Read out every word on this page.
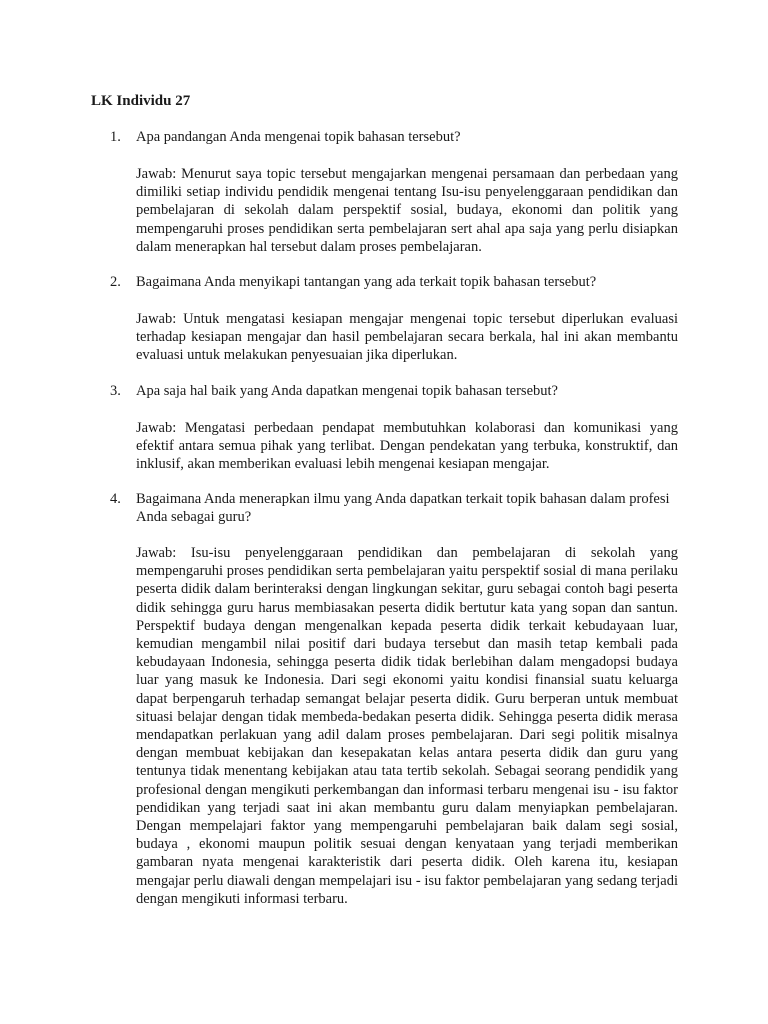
LK Individu 27
1. Apa pandangan Anda mengenai topik bahasan tersebut?

Jawab: Menurut saya topic tersebut mengajarkan mengenai persamaan dan perbedaan yang dimiliki setiap individu pendidik mengenai tentang Isu-isu penyelenggaraan pendidikan dan pembelajaran di sekolah dalam perspektif sosial, budaya, ekonomi dan politik yang mempengaruhi proses pendidikan serta pembelajaran sert ahal apa saja yang perlu disiapkan dalam menerapkan hal tersebut dalam proses pembelajaran.

2. Bagaimana Anda menyikapi tantangan yang ada terkait topik bahasan tersebut?

Jawab: Untuk mengatasi kesiapan mengajar mengenai topic tersebut diperlukan evaluasi terhadap kesiapan mengajar dan hasil pembelajaran secara berkala, hal ini akan membantu evaluasi untuk melakukan penyesuaian jika diperlukan.

3. Apa saja hal baik yang Anda dapatkan mengenai topik bahasan tersebut?

Jawab: Mengatasi perbedaan pendapat membutuhkan kolaborasi dan komunikasi yang efektif antara semua pihak yang terlibat. Dengan pendekatan yang terbuka, konstruktif, dan inklusif, akan memberikan evaluasi lebih mengenai kesiapan mengajar.

4. Bagaimana Anda menerapkan ilmu yang Anda dapatkan terkait topik bahasan dalam profesi Anda sebagai guru?

Jawab: Isu-isu penyelenggaraan pendidikan dan pembelajaran di sekolah yang mempengaruhi proses pendidikan serta pembelajaran yaitu perspektif sosial di mana perilaku peserta didik dalam berinteraksi dengan lingkungan sekitar, guru sebagai contoh bagi peserta didik sehingga guru harus membiasakan peserta didik bertutur kata yang sopan dan santun. Perspektif budaya dengan mengenalkan kepada peserta didik terkait kebudayaan luar, kemudian mengambil nilai positif dari budaya tersebut dan masih tetap kembali pada kebudayaan Indonesia, sehingga peserta didik tidak berlebihan dalam mengadopsi budaya luar yang masuk ke Indonesia. Dari segi ekonomi yaitu kondisi finansial suatu keluarga dapat berpengaruh terhadap semangat belajar peserta didik. Guru berperan untuk membuat situasi belajar dengan tidak membeda-bedakan peserta didik. Sehingga peserta didik merasa mendapatkan perlakuan yang adil dalam proses pembelajaran. Dari segi politik misalnya dengan membuat kebijakan dan kesepakatan kelas antara peserta didik dan guru yang tentunya tidak menentang kebijakan atau tata tertib sekolah. Sebagai seorang pendidik yang profesional dengan mengikuti perkembangan dan informasi terbaru mengenai isu - isu faktor pendidikan yang terjadi saat ini akan membantu guru dalam menyiapkan pembelajaran. Dengan mempelajari faktor yang mempengaruhi pembelajaran baik dalam segi sosial, budaya , ekonomi maupun politik sesuai dengan kenyataan yang terjadi memberikan gambaran nyata mengenai karakteristik dari peserta didik. Oleh karena itu, kesiapan mengajar perlu diawali dengan mempelajari isu - isu faktor pembelajaran yang sedang terjadi dengan mengikuti informasi terbaru.
